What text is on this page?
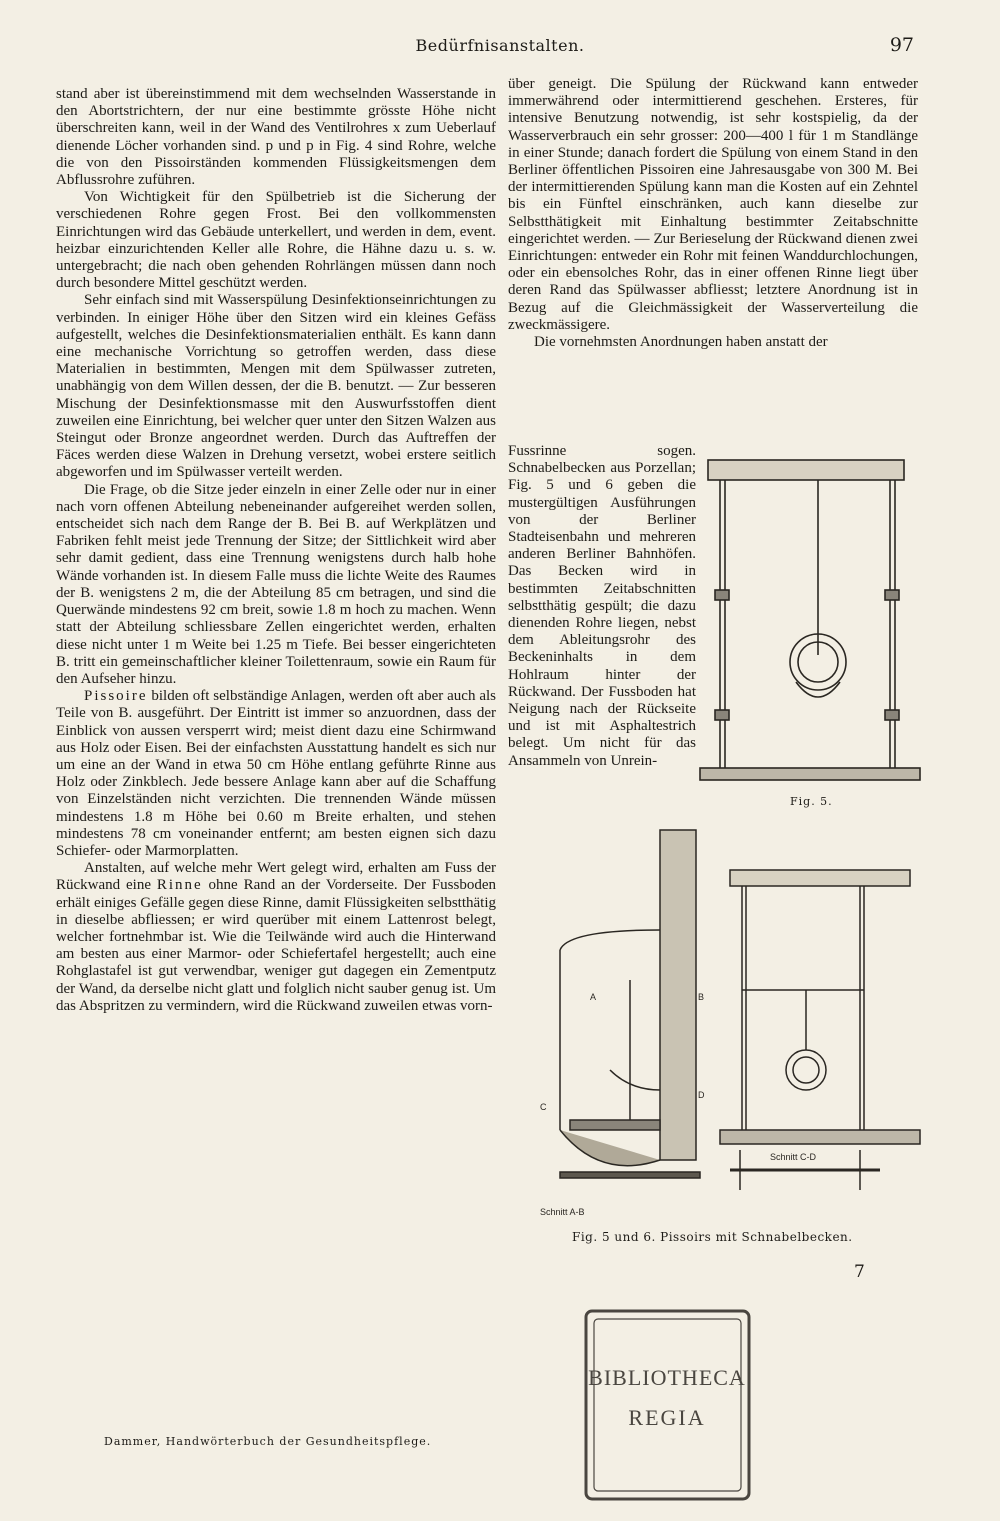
Bedürfnisanstalten.	97

stand aber ist übereinstimmend mit dem wechselnden Wasserstande in den Abortstrichtern, der nur eine bestimmte grösste Höhe nicht überschreiten kann, weil in der Wand des Ventilrohres x zum Ueberlauf dienende Löcher vorhanden sind. p und p in Fig. 4 sind Rohre, welche die von den Pissoirständen kommenden Flüssigkeitsmengen dem Abflussrohre zuführen.

Von Wichtigkeit für den Spülbetrieb ist die Sicherung der verschiedenen Rohre gegen Frost. Bei den vollkommensten Einrichtungen wird das Gebäude unterkellert, und werden in dem, event. heizbar einzurichtenden Keller alle Rohre, die Hähne dazu u. s. w. untergebracht; die nach oben gehenden Rohrlängen müssen dann noch durch besondere Mittel geschützt werden.

Sehr einfach sind mit Wasserspülung Desinfektionseinrichtungen zu verbinden. In einiger Höhe über den Sitzen wird ein kleines Gefäss aufgestellt, welches die Desinfektionsmaterialien enthält. Es kann dann eine mechanische Vorrichtung so getroffen werden, dass diese Materialien in bestimmten, Mengen mit dem Spülwasser zutreten, unabhängig von dem Willen dessen, der die B. benutzt. — Zur besseren Mischung der Desinfektionsmasse mit den Auswurfsstoffen dient zuweilen eine Einrichtung, bei welcher quer unter den Sitzen Walzen aus Steingut oder Bronze angeordnet werden. Durch das Auftreffen der Fäces werden diese Walzen in Drehung versetzt, wobei erstere seitlich abgeworfen und im Spülwasser verteilt werden.

Die Frage, ob die Sitze jeder einzeln in einer Zelle oder nur in einer nach vorn offenen Abteilung nebeneinander aufgereihet werden sollen, entscheidet sich nach dem Range der B. Bei B. auf Werkplätzen und Fabriken fehlt meist jede Trennung der Sitze; der Sittlichkeit wird aber sehr damit gedient, dass eine Trennung wenigstens durch halb hohe Wände vorhanden ist. In diesem Falle muss die lichte Weite des Raumes der B. wenigstens 2 m, die der Abteilung 85 cm betragen, und sind die Querwände mindestens 92 cm breit, sowie 1.8 m hoch zu machen. Wenn statt der Abteilung schliessbare Zellen eingerichtet werden, erhalten diese nicht unter 1 m Weite bei 1.25 m Tiefe. Bei besser eingerichteten B. tritt ein gemeinschaftlicher kleiner Toilettenraum, sowie ein Raum für den Aufseher hinzu.

Pissoire bilden oft selbständige Anlagen, werden oft aber auch als Teile von B. ausgeführt. Der Eintritt ist immer so anzuordnen, dass der Einblick von aussen versperrt wird; meist dient dazu eine Schirmwand aus Holz oder Eisen. Bei der einfachsten Ausstattung handelt es sich nur um eine an der Wand in etwa 50 cm Höhe entlang geführte Rinne aus Holz oder Zinkblech. Jede bessere Anlage kann aber auf die Schaffung von Einzelständen nicht verzichten. Die trennenden Wände müssen mindestens 1.8 m Höhe bei 0.60 m Breite erhalten, und stehen mindestens 78 cm voneinander entfernt; am besten eignen sich dazu Schiefer- oder Marmorplatten.

Anstalten, auf welche mehr Wert gelegt wird, erhalten am Fuss der Rückwand eine Rinne ohne Rand an der Vorderseite. Der Fussboden erhält einiges Gefälle gegen diese Rinne, damit Flüssigkeiten selbstthätig in dieselbe abfliessen; er wird querüber mit einem Lattenrost belegt, welcher fortnehmbar ist. Wie die Teilwände wird auch die Hinterwand am besten aus einer Marmor- oder Schiefertafel hergestellt; auch eine Rohglastafel ist gut verwendbar, weniger gut dagegen ein Zementputz der Wand, da derselbe nicht glatt und folglich nicht sauber genug ist. Um das Abspritzen zu vermindern, wird die Rückwand zuweilen etwas vorn-

Dammer, Handwörterbuch der Gesundheitspflege.

über geneigt. Die Spülung der Rückwand kann entweder immerwährend oder intermittierend geschehen. Ersteres, für intensive Benutzung notwendig, ist sehr kostspielig, da der Wasserverbrauch ein sehr grosser: 200—400 l für 1 m Standlänge in einer Stunde; danach fordert die Spülung von einem Stand in den Berliner öffentlichen Pissoiren eine Jahresausgabe von 300 M. Bei der intermittierenden Spülung kann man die Kosten auf ein Zehntel bis ein Fünftel einschränken, auch kann dieselbe zur Selbstthätigkeit mit Einhaltung bestimmter Zeitabschnitte eingerichtet werden. — Zur Berieselung der Rückwand dienen zwei Einrichtungen: entweder ein Rohr mit feinen Wanddurchlochungen, oder ein ebensolches Rohr, das in einer offenen Rinne liegt über deren Rand das Spülwasser abfliesst; letztere Anordnung ist in Bezug auf die Gleichmässigkeit der Wasserverteilung die zweckmässigere.

Die vornehmsten Anordnungen haben anstatt der

Fussrinne sogen. Schnabelbecken aus Porzellan; Fig. 5 und 6 geben die mustergültigen Ausführungen von der Berliner Stadteisenbahn und mehreren anderen Berliner Bahnhöfen. Das Becken wird in bestimmten Zeitabschnitten selbstthätig gespült; die dazu dienenden Rohre liegen, nebst dem Ableitungsrohr des Beckeninhalts in dem Hohlraum hinter der Rückwand. Der Fussboden hat Neigung nach der Rückseite und ist mit Asphaltestrich belegt. Um nicht für das Ansammeln von Unrein-

Fig. 5.
A	B
C
D
Schnitt A-B
Schnitt C-D
Fig. 5 und 6. Pissoirs mit Schnabelbecken.
7
BIBLIOTHECA
REGIA
